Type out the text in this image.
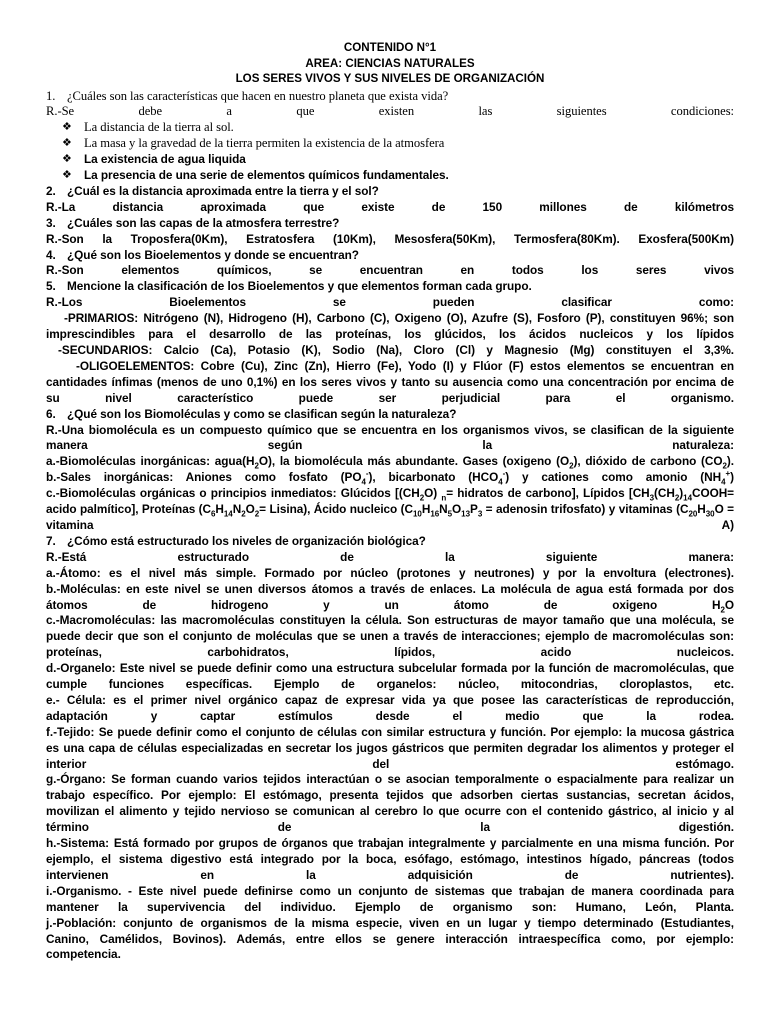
CONTENIDO N°1
AREA: CIENCIAS NATURALES
LOS SERES VIVOS Y SUS NIVELES DE ORGANIZACIÓN
1. ¿Cuáles son las características que hacen en nuestro planeta que exista vida?
R.-Se debe a que existen las siguientes condiciones:
❖ La distancia de la tierra al sol.
❖ La masa y la gravedad de la tierra permiten la existencia de la atmosfera
❖	La existencia de agua liquida
❖	La presencia de una serie de elementos químicos fundamentales.
2. ¿Cuál es la distancia aproximada entre la tierra y el sol?
R.-La distancia aproximada que existe de 150 millones de kilómetros
3. ¿Cuáles son las capas de la atmosfera terrestre?
R.-Son la Troposfera(0Km), Estratosfera (10Km), Mesosfera(50Km), Termosfera(80Km). Exosfera(500Km)
4. ¿Qué son los Bioelementos y donde se encuentran?
R.-Son elementos químicos, se encuentran en todos los seres vivos
5. Mencione la clasificación de los Bioelementos y que elementos forman cada grupo.
R.-Los Bioelementos se pueden clasificar como:
-PRIMARIOS: Nitrógeno (N), Hidrogeno (H), Carbono (C), Oxigeno (O), Azufre (S), Fosforo (P), constituyen 96%; son
imprescindibles para el desarrollo de las proteínas, los glúcidos, los ácidos nucleicos y los lípidos
-SECUNDARIOS: Calcio (Ca), Potasio (K), Sodio (Na), Cloro (Cl) y Magnesio (Mg) constituyen el 3,3%.
-OLIGOELEMENTOS: Cobre (Cu), Zinc (Zn), Hierro (Fe), Yodo (I) y Flúor (F) estos elementos se encuentran en
cantidades ínfimas (menos de uno 0,1%) en los seres vivos y tanto su ausencia como una concentración por encima de
su nivel característico puede ser perjudicial para el organismo.
6. ¿Qué son los Biomoléculas y como se clasifican según la naturaleza?
R.-Una biomolécula es un compuesto químico que se encuentra en los organismos vivos, se clasifican de la siguiente
manera según la naturaleza:
a.-Biomoléculas inorgánicas: $agua(H_2O)$, la biomolécula más abundante. Gases (oxigeno $(O_2)$, dióxido de carbono $(CO_2)$.
b.-Sales inorgánicas: Aniones como fosfato $(PO_4^-)$, bicarbonato $(HCO_4^-)$ y cationes como amonio $(NH_4^+)$
c.-Biomoléculas orgánicas o principios inmediatos: Glúcidos [$(CH_2O)$ $_n$= hidratos de carbono], Lípidos [$CH_3(CH_2)_{14}COOH=$
acido palmítico], Proteínas $(C_6H_{14}N_2O_2= Lisina)$, Ácido nucleico ($C_{10}H_{16}N_5O_{13}P_3$ = adenosin trifosfato) y vitaminas ($C_{20}H_{30}O$ =
vitamina A)
7. ¿Cómo está estructurado los niveles de organización biológica?
R.-Está estructurado de la siguiente manera:
a.-Átomo: es el nivel más simple. Formado por núcleo (protones y neutrones) y por la envoltura (electrones).
b.-Moléculas: en este nivel se unen diversos átomos a través de enlaces. La molécula de agua está formada por dos
átomos de hidrogeno y un átomo de oxigeno $H_2O$
c.-Macromoléculas: las macromoléculas constituyen la célula. Son estructuras de mayor tamaño que una molécula, se
puede decir que son el conjunto de moléculas que se unen a través de interacciones; ejemplo de macromoléculas son:
proteínas, carbohidratos, lípidos, acido nucleicos.
d.-Organelo: Este nivel se puede definir como una estructura subcelular formada por la función de macromoléculas, que
cumple funciones específicas. Ejemplo de organelos: núcleo, mitocondrias, cloroplastos, etc.
e.- Célula: es el primer nivel orgánico capaz de expresar vida ya que posee las características de reproducción,
adaptación y captar estímulos desde el medio que la rodea.
f.-Tejido: Se puede definir como el conjunto de células con similar estructura y función. Por ejemplo: la mucosa gástrica
es una capa de células especializadas en secretar los jugos gástricos que permiten degradar los alimentos y proteger el
interior del estómago.
g.-Órgano: Se forman cuando varios tejidos interactúan o se asocian temporalmente o espacialmente para realizar un
trabajo específico. Por ejemplo: El estómago, presenta tejidos que adsorben ciertas sustancias, secretan ácidos,
movilizan el alimento y tejido nervioso se comunican al cerebro lo que ocurre con el contenido gástrico, al inicio y al
término de la digestión.
h.-Sistema: Está formado por grupos de órganos que trabajan integralmente y parcialmente en una misma función. Por
ejemplo, el sistema digestivo está integrado por la boca, esófago, estómago, intestinos hígado, páncreas (todos
intervienen en la adquisición de nutrientes).
i.-Organismo. - Este nivel puede definirse como un conjunto de sistemas que trabajan de manera coordinada para
mantener la supervivencia del individuo. Ejemplo de organismo son: Humano, León, Planta.
j.-Población: conjunto de organismos de la misma especie, viven en un lugar y tiempo determinado (Estudiantes,
Canino, Camélidos, Bovinos). Además, entre ellos se genere interacción intraespecífica como, por ejemplo:
competencia.
